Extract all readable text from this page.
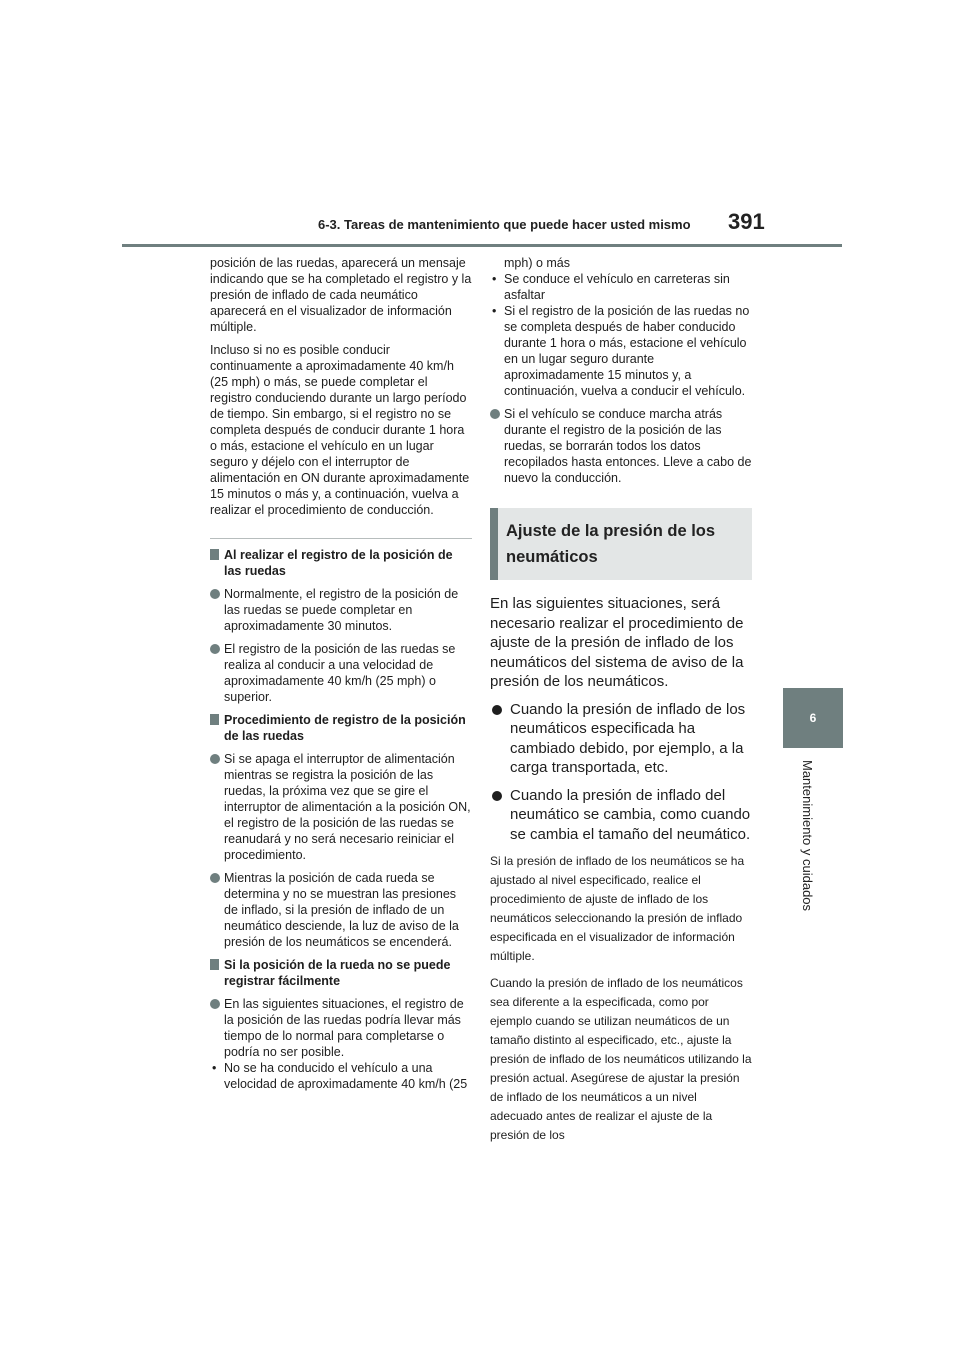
6-3. Tareas de mantenimiento que puede hacer usted mismo 391
6
Mantenimiento y cuidados

posición de las ruedas, aparecerá un mensaje indicando que se ha completado el registro y la presión de inflado de cada neumático aparecerá en el visualizador de información múltiple.

Incluso si no es posible conducir continuamente a aproximadamente 40 km/h (25 mph) o más, se puede completar el registro conduciendo durante un largo período de tiempo. Sin embargo, si el registro no se completa después de conducir durante 1 hora o más, estacione el vehículo en un lugar seguro y déjelo con el interruptor de alimentación en ON durante aproximadamente 15 minutos o más y, a continuación, vuelva a realizar el procedimiento de conducción.

Al realizar el registro de la posición de las ruedas
Normalmente, el registro de la posición de las ruedas se puede completar en aproximadamente 30 minutos.
El registro de la posición de las ruedas se realiza al conducir a una velocidad de aproximadamente 40 km/h (25 mph) o superior.
Procedimiento de registro de la posición de las ruedas
Si se apaga el interruptor de alimentación mientras se registra la posición de las ruedas, la próxima vez que se gire el interruptor de alimentación a la posición ON, el registro de la posición de las ruedas se reanudará y no será necesario reiniciar el procedimiento.
Mientras la posición de cada rueda se determina y no se muestran las presiones de inflado, si la presión de inflado de un neumático desciende, la luz de aviso de la presión de los neumáticos se encenderá.
Si la posición de la rueda no se puede registrar fácilmente
En las siguientes situaciones, el registro de la posición de las ruedas podría llevar más tiempo de lo normal para completarse o podría no ser posible.
• No se ha conducido el vehículo a una velocidad de aproximadamente 40 km/h (25
mph) o más
• Se conduce el vehículo en carreteras sin asfaltar
• Si el registro de la posición de las ruedas no se completa después de haber conducido durante 1 hora o más, estacione el vehículo en un lugar seguro durante aproximadamente 15 minutos y, a continuación, vuelva a conducir el vehículo.
Si el vehículo se conduce marcha atrás durante el registro de la posición de las ruedas, se borrarán todos los datos recopilados hasta entonces. Lleve a cabo de nuevo la conducción.
Ajuste de la presión de los neumáticos

En las siguientes situaciones, será necesario realizar el procedimiento de ajuste de la presión de inflado de los neumáticos del sistema de aviso de la presión de los neumáticos.

Cuando la presión de inflado de los neumáticos especificada ha cambiado debido, por ejemplo, a la carga transportada, etc.
Cuando la presión de inflado del neumático se cambia, como cuando se cambia el tamaño del neumático.

Si la presión de inflado de los neumáticos se ha ajustado al nivel especificado, realice el procedimiento de ajuste de inflado de los neumáticos seleccionando la presión de inflado especificada en el visualizador de información múltiple.

Cuando la presión de inflado de los neumáticos sea diferente a la especificada, como por ejemplo cuando se utilizan neumáticos de un tamaño distinto al especificado, etc., ajuste la presión de inflado de los neumáticos utilizando la presión actual. Asegúrese de ajustar la presión de inflado de los neumáticos a un nivel adecuado antes de realizar el ajuste de la presión de los
